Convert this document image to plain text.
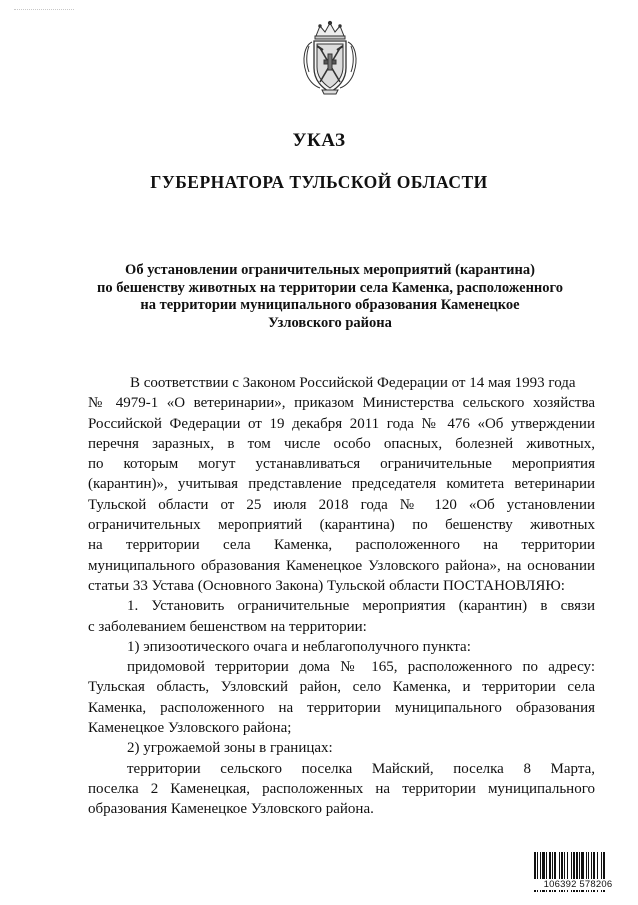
УКАЗ
ГУБЕРНАТОРА ТУЛЬСКОЙ ОБЛАСТИ
Об установлении ограничительных мероприятий (карантина)
по бешенству животных на территории села Каменка, расположенного
на территории муниципального образования Каменецкое
Узловского района
В соответствии с Законом Российской Федерации от 14 мая 1993 года
№ 4979-1 «О ветеринарии», приказом Министерства сельского хозяйства
Российской Федерации от 19 декабря 2011 года № 476 «Об утверждении
перечня заразных, в том числе особо опасных, болезней животных,
по которым могут устанавливаться ограничительные мероприятия
(карантин)», учитывая представление председателя комитета ветеринарии
Тульской области от 25 июля 2018 года № 120 «Об установлении
ограничительных мероприятий (карантина) по бешенству животных
на территории села Каменка, расположенного на территории
муниципального образования Каменецкое Узловского района», на основании
статьи 33 Устава (Основного Закона) Тульской области ПОСТАНОВЛЯЮ:
1. Установить ограничительные мероприятия (карантин) в связи
с заболеванием бешенством на территории:
1) эпизоотического очага и неблагополучного пункта:
придомовой территории дома № 165, расположенного по адресу:
Тульская область, Узловский район, село Каменка, и территории села
Каменка, расположенного на территории муниципального образования
Каменецкое Узловского района;
2) угрожаемой зоны в границах:
территории сельского поселка Майский, поселка 8 Марта,
поселка 2 Каменецкая, расположенных на территории муниципального
образования Каменецкое Узловского района.
106392 578206
